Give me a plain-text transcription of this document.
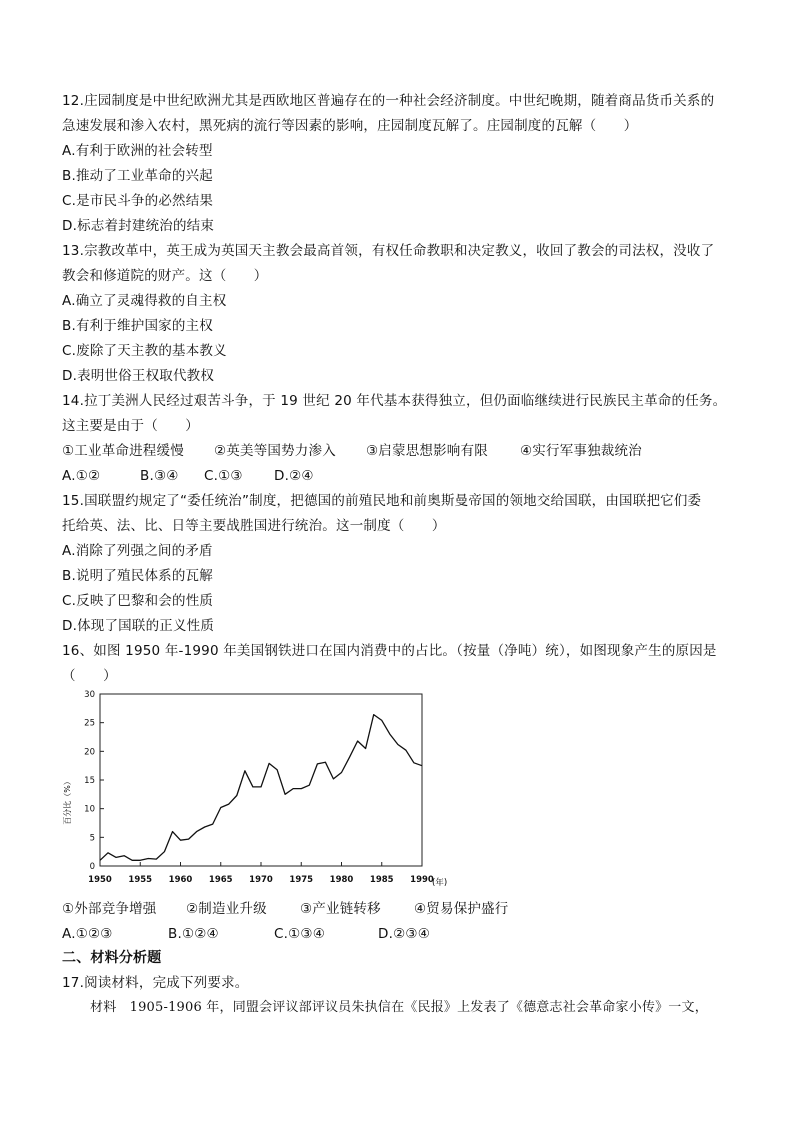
12.庄园制度是中世纪欧洲尤其是西欧地区普遍存在的一种社会经济制度。中世纪晚期，随着商品货币关系的
急速发展和渗入农村，黑死病的流行等因素的影响，庄园制度瓦解了。庄园制度的瓦解（　　）
A.有利于欧洲的社会转型
B.推动了工业革命的兴起
C.是市民斗争的必然结果
D.标志着封建统治的结束
13.宗教改革中，英王成为英国天主教会最高首领，有权任命教职和决定教义，收回了教会的司法权，没收了
教会和修道院的财产。这（　　）
A.确立了灵魂得救的自主权
B.有利于维护国家的主权
C.废除了天主教的基本教义
D.表明世俗王权取代教权
14.拉丁美洲人民经过艰苦斗争，于 19 世纪 20 年代基本获得独立，但仍面临继续进行民族民主革命的任务。
这主要是由于（　　）
①工业革命进程缓慢 ②英美等国势力渗入 ③启蒙思想影响有限 ④实行军事独裁统治
A.①②	B.③④ C.①③ D.②④
15.国联盟约规定了“委任统治”制度，把德国的前殖民地和前奥斯曼帝国的领地交给国联，由国联把它们委
托给英、法、比、日等主要战胜国进行统治。这一制度（　　）
A.消除了列强之间的矛盾
B.说明了殖民体系的瓦解
C.反映了巴黎和会的性质
D.体现了国联的正义性质
16、如图 1950 年-1990 年美国钢铁进口在国内消费中的占比。（按量（净吨）统），如图现象产生的原因是
（　　）
0
5
10
15
20
25
30
1950 1955 1960 1965 1970 1975 1980 1985 1990
百分比（%）
(年)
①外部竞争增强 ②制造业升级 ③产业链转移 ④贸易保护盛行
A.①②③	B.①②④	C.①③④	D.②③④
二、材料分析题
17.阅读材料，完成下列要求。
材料　1905-1906 年，同盟会评议部评议员朱执信在《民报》上发表了《德意志社会革命家小传》一文，
